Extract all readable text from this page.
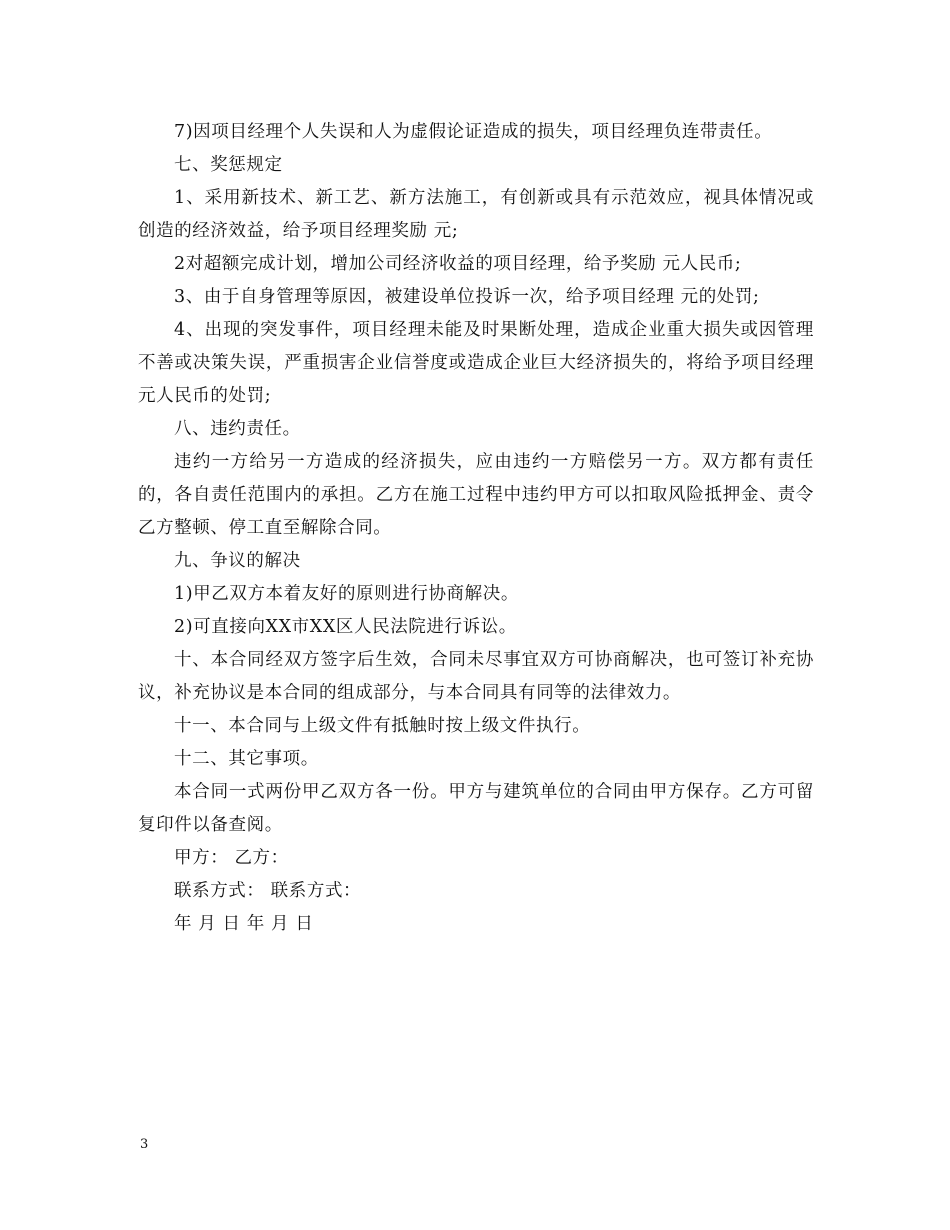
7)因项目经理个人失误和人为虚假论证造成的损失，项目经理负连带责任。

七、奖惩规定

1、采用新技术、新工艺、新方法施工，有创新或具有示范效应，视具体情况或创造的经济效益，给予项目经理奖励 元;

2对超额完成计划，增加公司经济收益的项目经理，给予奖励 元人民币;

3、由于自身管理等原因，被建设单位投诉一次，给予项目经理 元的处罚;

4、出现的突发事件，项目经理未能及时果断处理，造成企业重大损失或因管理不善或决策失误，严重损害企业信誉度或造成企业巨大经济损失的，将给予项目经理 元人民币的处罚;

八、违约责任。

违约一方给另一方造成的经济损失，应由违约一方赔偿另一方。双方都有责任的，各自责任范围内的承担。乙方在施工过程中违约甲方可以扣取风险抵押金、责令乙方整顿、停工直至解除合同。

九、争议的解决

1)甲乙双方本着友好的原则进行协商解决。

2)可直接向XX市XX区人民法院进行诉讼。

十、本合同经双方签字后生效，合同未尽事宜双方可协商解决，也可签订补充协议，补充协议是本合同的组成部分，与本合同具有同等的法律效力。

十一、本合同与上级文件有抵触时按上级文件执行。

十二、其它事项。

本合同一式两份甲乙双方各一份。甲方与建筑单位的合同由甲方保存。乙方可留复印件以备查阅。

甲方： 乙方：

联系方式： 联系方式：

年 月 日 年 月 日

3
